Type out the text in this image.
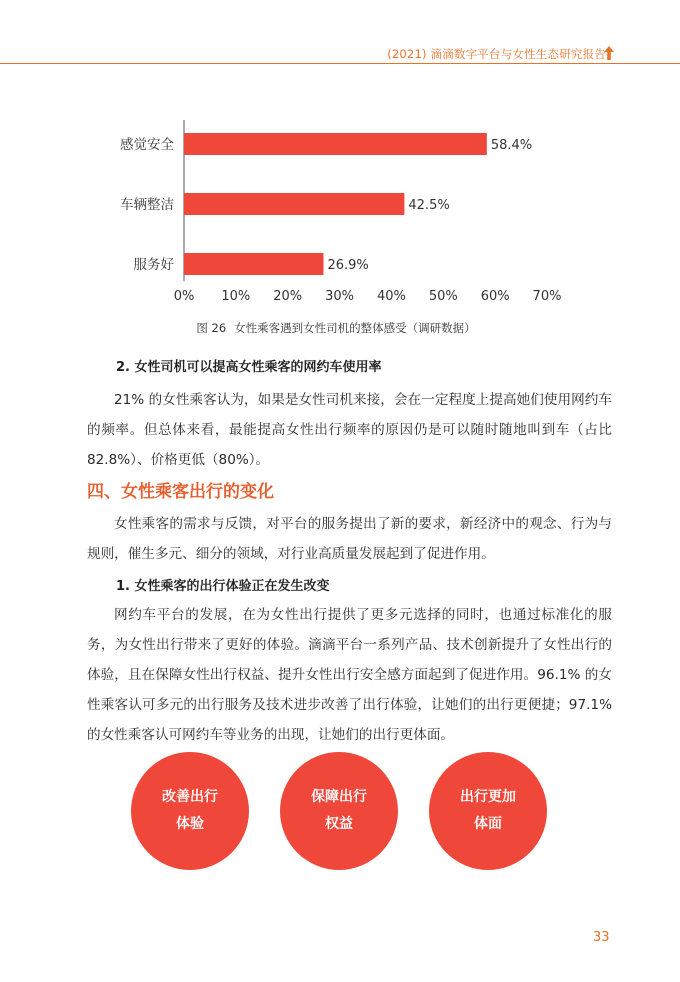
(2021) 滴滴数字平台与女性生态研究报告
感觉安全	58.4%
车辆整洁	42.5%
服务好	26.9%
0% 10% 20% 30% 40% 50% 60% 70%
图 26 女性乘客遇到女性司机的整体感受（调研数据）
2. 女性司机可以提高女性乘客的网约车使用率
21% 的女性乘客认为，如果是女性司机来接，会在一定程度上提高她们使用网约车的频率。但总体来看，最能提高女性出行频率的原因仍是可以随时随地叫到车（占比 82.8%）、价格更低（80%）。
四、女性乘客出行的变化
女性乘客的需求与反馈，对平台的服务提出了新的要求，新经济中的观念、行为与规则，催生多元、细分的领域，对行业高质量发展起到了促进作用。
1. 女性乘客的出行体验正在发生改变
网约车平台的发展，在为女性出行提供了更多元选择的同时，也通过标准化的服务，为女性出行带来了更好的体验。滴滴平台一系列产品、技术创新提升了女性出行的体验，且在保障女性出行权益、提升女性出行安全感方面起到了促进作用。96.1% 的女性乘客认可多元的出行服务及技术进步改善了出行体验，让她们的出行更便捷；97.1% 的女性乘客认可网约车等业务的出现，让她们的出行更体面。
改善出行
体验
保障出行
权益
出行更加
体面
33
